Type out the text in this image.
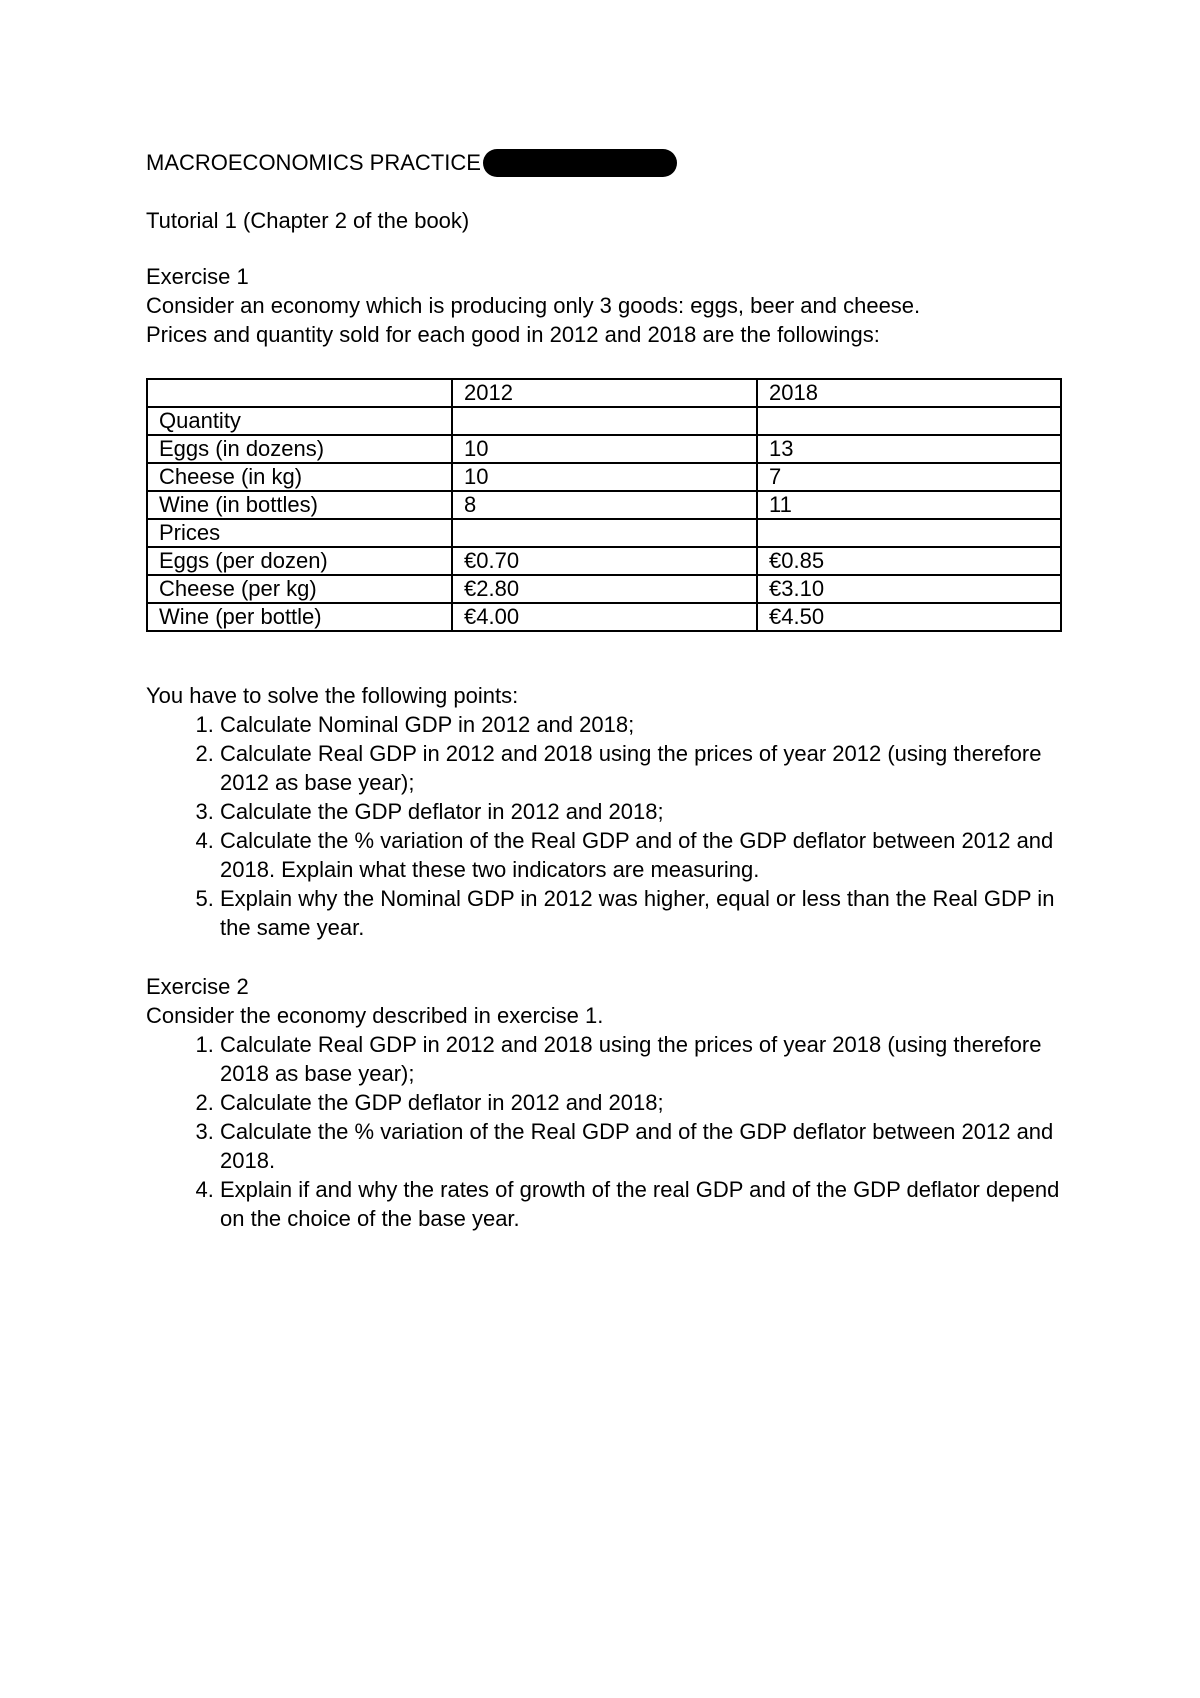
MACROECONOMICS PRACTICE

Tutorial 1 (Chapter 2 of the book)

Exercise 1

Consider an economy which is producing only 3 goods: eggs, beer and cheese.

Prices and quantity sold for each good in 2012 and 2018 are the followings:

	2012	2018
Quantity		
Eggs (in dozens)	10	13
Cheese (in kg)	10	7
Wine (in bottles)	8	11
Prices		
Eggs (per dozen)	€0.70	€0.85
Cheese (per kg)	€2.80	€3.10
Wine (per bottle)	€4.00	€4.50

You have to solve the following points:

1. Calculate Nominal GDP in 2012 and 2018;
2. Calculate Real GDP in 2012 and 2018 using the prices of year 2012 (using therefore 2012 as base year);
3. Calculate the GDP deflator in 2012 and 2018;
4. Calculate the % variation of the Real GDP and of the GDP deflator between 2012 and 2018. Explain what these two indicators are measuring.
5. Explain why the Nominal GDP in 2012 was higher, equal or less than the Real GDP in the same year.

Exercise 2

Consider the economy described in exercise 1.

1. Calculate Real GDP in 2012 and 2018 using the prices of year 2018 (using therefore 2018 as base year);
2. Calculate the GDP deflator in 2012 and 2018;
3. Calculate the % variation of the Real GDP and of the GDP deflator between 2012 and 2018.
4. Explain if and why the rates of growth of the real GDP and of the GDP deflator depend on the choice of the base year.
